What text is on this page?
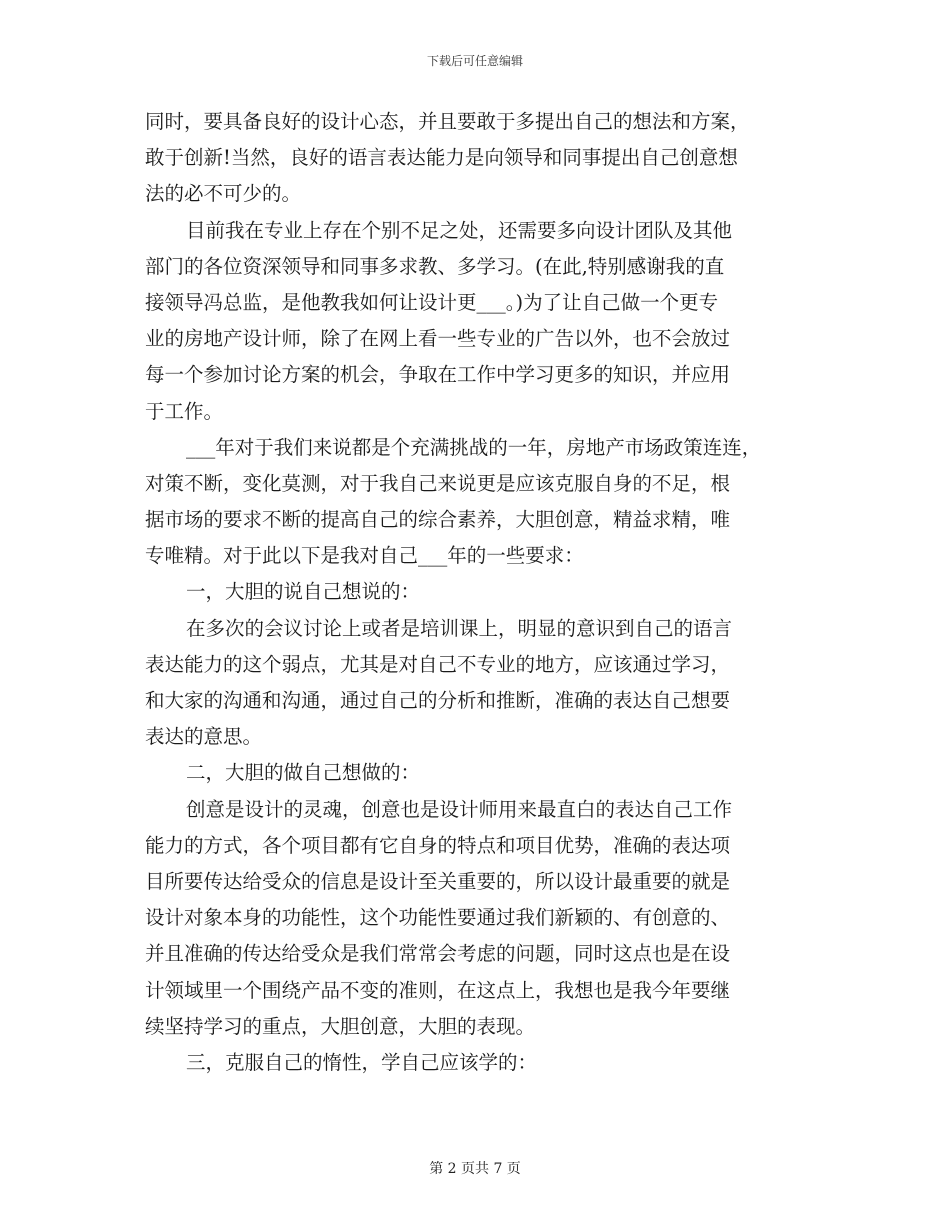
下载后可任意编辑
同时，要具备良好的设计心态，并且要敢于多提出自己的想法和方案，
敢于创新!当然，良好的语言表达能力是向领导和同事提出自己创意想
法的必不可少的。
目前我在专业上存在个别不足之处，还需要多向设计团队及其他
部门的各位资深领导和同事多求教、多学习。(在此,特别感谢我的直
接领导冯总监，是他教我如何让设计更___。)为了让自己做一个更专
业的房地产设计师，除了在网上看一些专业的广告以外，也不会放过
每一个参加讨论方案的机会，争取在工作中学习更多的知识，并应用
于工作。
___年对于我们来说都是个充满挑战的一年，房地产市场政策连连，
对策不断，变化莫测，对于我自己来说更是应该克服自身的不足，根
据市场的要求不断的提高自己的综合素养，大胆创意，精益求精，唯
专唯精。对于此以下是我对自己___年的一些要求：
一，大胆的说自己想说的：
在多次的会议讨论上或者是培训课上，明显的意识到自己的语言
表达能力的这个弱点，尤其是对自己不专业的地方，应该通过学习，
和大家的沟通和沟通，通过自己的分析和推断，准确的表达自己想要
表达的意思。
二，大胆的做自己想做的：
创意是设计的灵魂，创意也是设计师用来最直白的表达自己工作
能力的方式，各个项目都有它自身的特点和项目优势，准确的表达项
目所要传达给受众的信息是设计至关重要的，所以设计最重要的就是
设计对象本身的功能性，这个功能性要通过我们新颖的、有创意的、
并且准确的传达给受众是我们常常会考虑的问题，同时这点也是在设
计领域里一个围绕产品不变的准则，在这点上，我想也是我今年要继
续坚持学习的重点，大胆创意，大胆的表现。
三，克服自己的惰性，学自己应该学的：
第 2 页共 7 页
